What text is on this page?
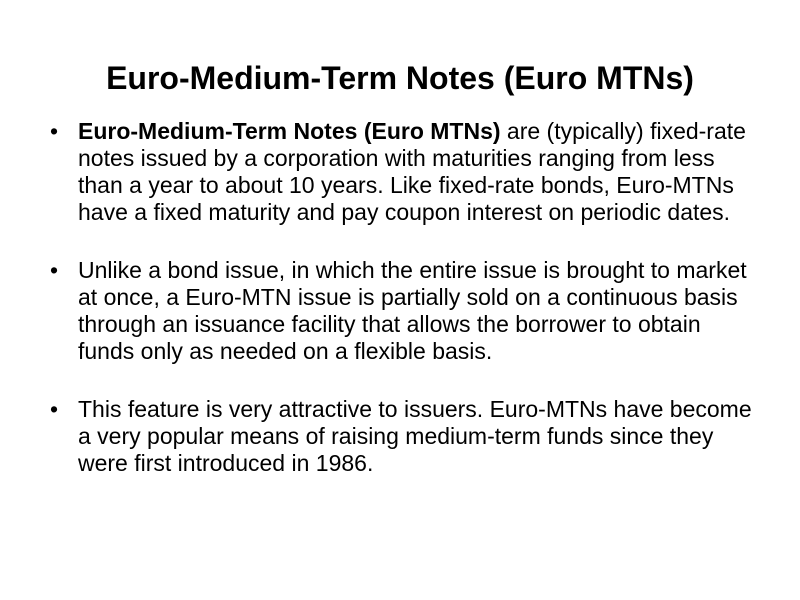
Euro-Medium-Term Notes (Euro MTNs)
• Euro-Medium-Term Notes (Euro MTNs) are (typically) fixed-rate notes issued by a corporation with maturities ranging from less than a year to about 10 years. Like fixed-rate bonds, Euro-MTNs have a fixed maturity and pay coupon interest on periodic dates.
• Unlike a bond issue, in which the entire issue is brought to market at once, a Euro-MTN issue is partially sold on a continuous basis through an issuance facility that allows the borrower to obtain funds only as needed on a flexible basis.
• This feature is very attractive to issuers. Euro-MTNs have become a very popular means of raising medium-term funds since they were first introduced in 1986.
